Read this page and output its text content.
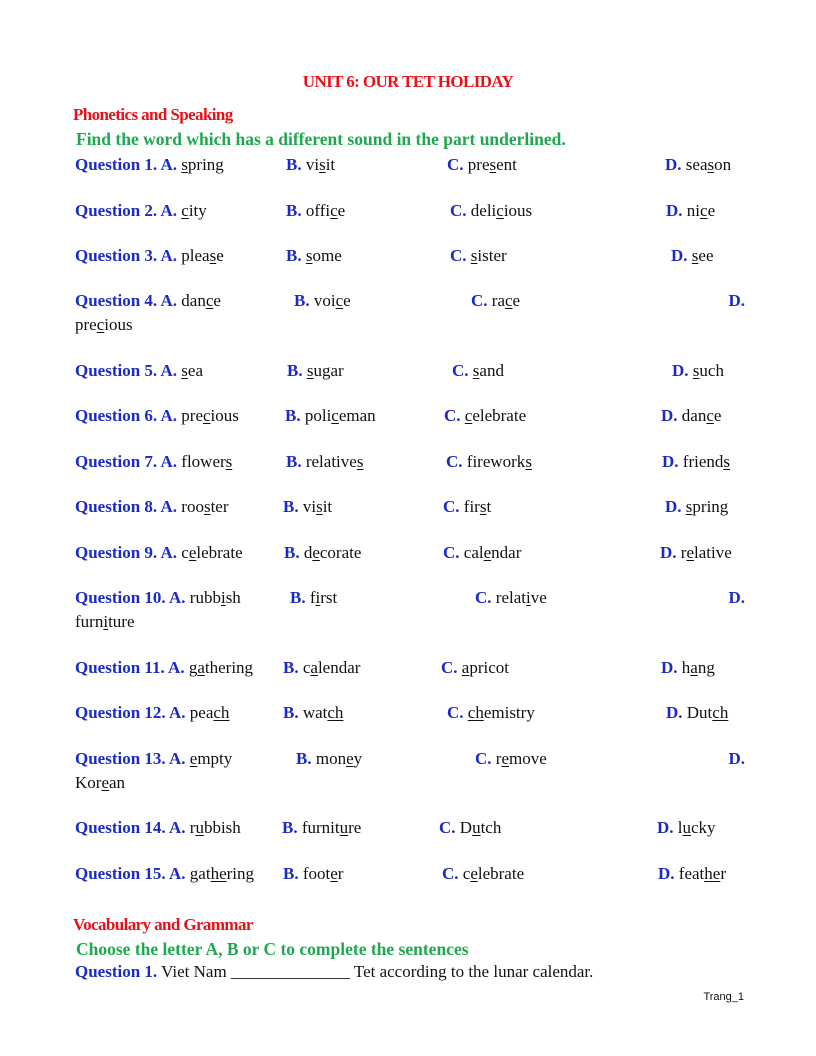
UNIT 6: OUR TET HOLIDAY
Phonetics and Speaking
Find the word which has a different sound in the part underlined.
Question 1. A. spring	B. visit	C. present	D. season
Question 2. A. city	B. office	C. delicious	D. nice
Question 3. A. please	B. some	C. sister	D. see
Question 4. A. dance	B. voice	C. race	D.
precious
Question 5. A. sea	B. sugar	C. sand	D. such
Question 6. A. precious	B. policeman	C. celebrate	D. dance
Question 7. A. flowers	B. relatives	C. fireworks	D. friends
Question 8. A. rooster	B. visit	C. first	D. spring
Question 9. A. celebrate B. decorate	C. calendar	D. relative
Question 10. A. rubbish	B. first	C. relative	D.
furniture
Question 11. A. gathering B. calendar	C. apricot	D. hang
Question 12. A. peach	B. watch	C. chemistry	D. Dutch
Question 13. A. empty	B. money	C. remove	D.
Korean
Question 14. A. rubbish B. furniture	C. Dutch	D. lucky
Question 15. A. gathering B. footer	C. celebrate	D. feather
Vocabulary and Grammar
Choose the letter A, B or C to complete the sentences
Question 1. Viet Nam ______________ Tet according to the lunar calendar.
Trang_1
